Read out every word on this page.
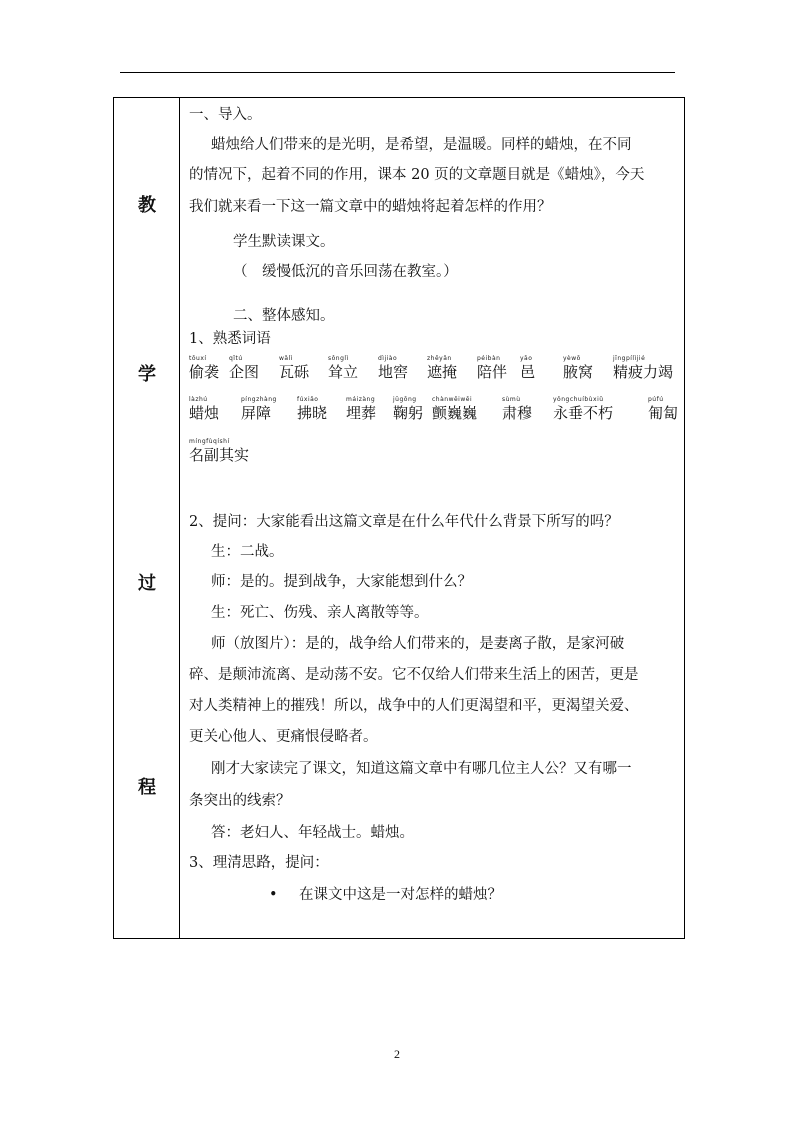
教
学
过
程
一、导入。
蜡烛给人们带来的是光明，是希望，是温暖。同样的蜡烛，在不同
的情况下，起着不同的作用，课本 20 页的文章题目就是《蜡烛》，今天
我们就来看一下这一篇文章中的蜡烛将起着怎样的作用？
学生默读课文。
（　缓慢低沉的音乐回荡在教室。）
二、整体感知。
1、熟悉词语
tōuxí
偷袭
qǐtú
企图
wǎlì
瓦砾
sǒnglì
耸立
dìjiào
地窖
zhēyǎn
遮掩
péibàn
陪伴
yāo
邑
yèwō
腋窝
jīngpílìjié
精疲力竭
làzhú
蜡烛
píngzhàng
屏障
fúxiǎo
拂晓
máizàng
埋葬
jūgōng
鞠躬
chànwēiwēi
颤巍巍
sùmù
肃穆
yǒngchuíbùxiǔ
永垂不朽
púfú
匍匐
míngfùqíshí
名副其实
2、提问：大家能看出这篇文章是在什么年代什么背景下所写的吗？
生：二战。
师：是的。提到战争，大家能想到什么？
生：死亡、伤残、亲人离散等等。
师（放图片）：是的，战争给人们带来的，是妻离子散，是家河破
碎、是颠沛流离、是动荡不安。它不仅给人们带来生活上的困苦，更是
对人类精神上的摧残！所以，战争中的人们更渴望和平，更渴望关爱、
更关心他人、更痛恨侵略者。
刚才大家读完了课文，知道这篇文章中有哪几位主人公？又有哪一
条突出的线索？
答：老妇人、年轻战士。蜡烛。
3、理清思路，提问：
• 在课文中这是一对怎样的蜡烛？
2
